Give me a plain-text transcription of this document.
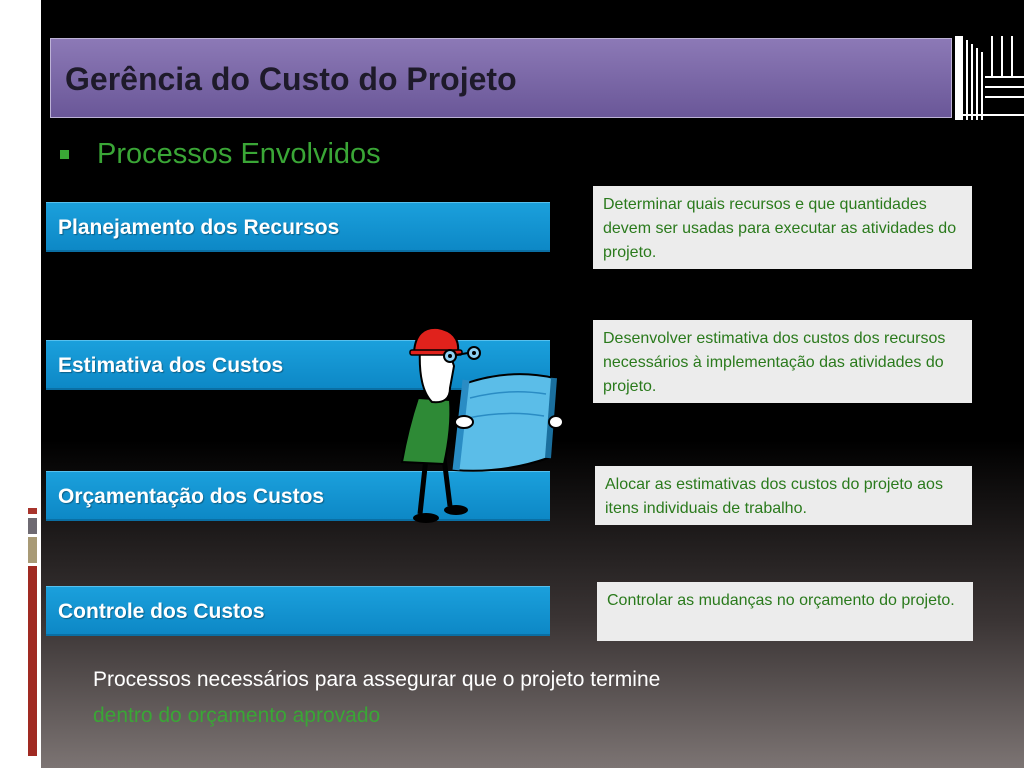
Gerência do Custo do Projeto
Processos Envolvidos
Planejamento dos Recursos
Estimativa dos Custos
Orçamentação dos Custos
Controle dos Custos
Determinar quais recursos e que quantidades devem ser usadas para executar as atividades do projeto.
Desenvolver estimativa dos custos dos recursos necessários à implementação das atividades do projeto.
Alocar as estimativas dos custos do projeto aos itens individuais de trabalho.
Controlar as mudanças no orçamento do projeto.
Processos necessários para assegurar que o projeto termine
dentro do orçamento aprovado
